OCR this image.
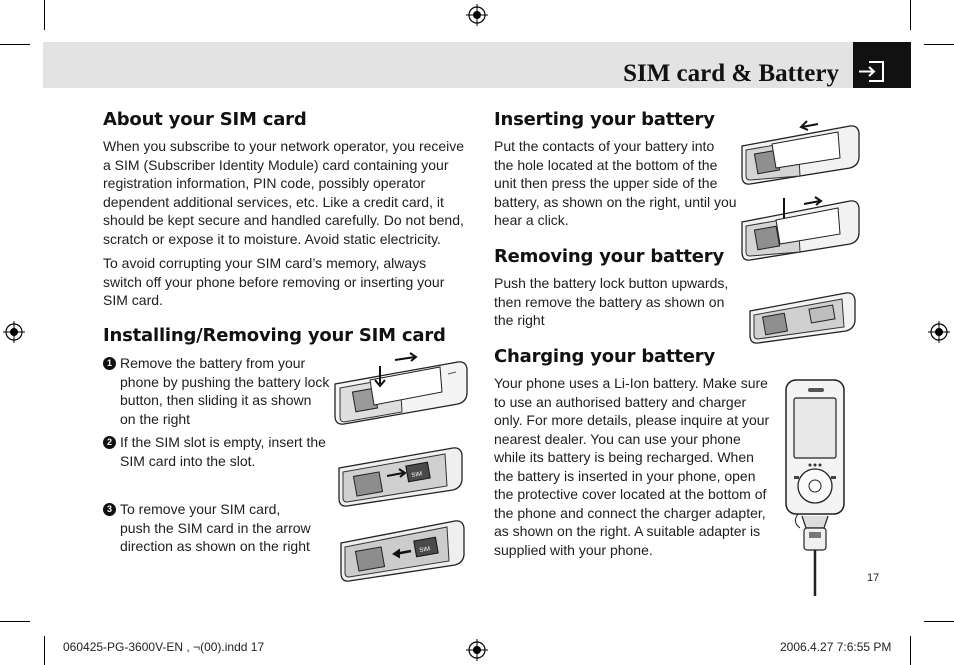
SIM card & Battery
About your SIM card
When you subscribe to your network operator, you receive
a SIM (Subscriber Identity Module) card containing your
registration information, PIN code, possibly operator
dependent additional services, etc. Like a credit card, it
should be kept secure and handled carefully. Do not bend,
scratch or expose it to moisture. Avoid static electricity.
To avoid corrupting your SIM card’s memory, always
switch off your phone before removing or inserting your
SIM card.
Installing/Removing your SIM card
1 Remove the battery from your
phone by pushing the battery lock
button, then sliding it as shown
on the right
2 If the SIM slot is empty, insert the
SIM card into the slot.
3 To remove your SIM card,
push the SIM card in the arrow
direction as shown on the right
SIM
SIM
Inserting your battery
Put the contacts of your battery into
the hole located at the bottom of the
unit then press the upper side of the
battery, as shown on the right, until you
hear a click.
Removing your battery
Push the battery lock button upwards,
then remove the battery as shown on
the right
Charging your battery
Your phone uses a Li-Ion battery. Make sure
to use an authorised battery and charger
only. For more details, please inquire at your
nearest dealer. You can use your phone
while its battery is being recharged. When
the battery is inserted in your phone, open
the protective cover located at the bottom of
the phone and connect the charger adapter,
as shown on the right. A suitable adapter is
supplied with your phone.
17
060425-PG-3600V-EN , ¬(00).indd 17	2006.4.27 7:6:55 PM
